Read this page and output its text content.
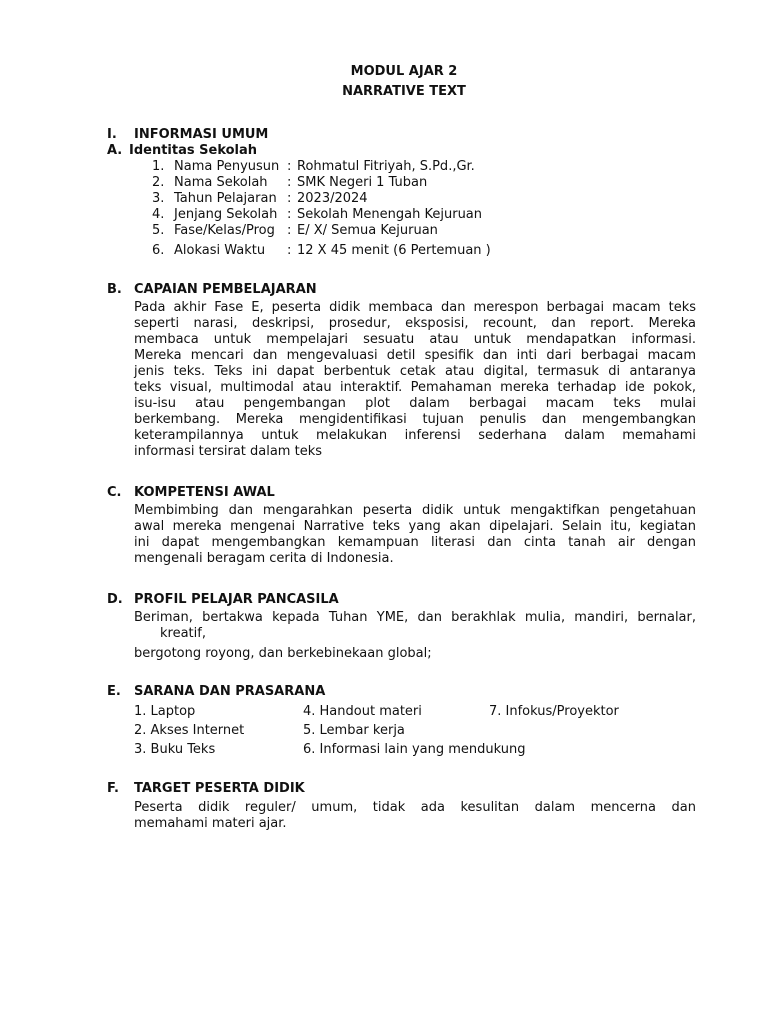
MODUL AJAR 2
NARRATIVE TEXT
I. INFORMASI UMUM
A. Identitas Sekolah
1. Nama Penyusun : Rohmatul Fitriyah, S.Pd.,Gr.
2. Nama Sekolah : SMK Negeri 1 Tuban
3. Tahun Pelajaran : 2023/2024
4. Jenjang Sekolah : Sekolah Menengah Kejuruan
5. Fase/Kelas/Prog : E/ X/ Semua Kejuruan
6. Alokasi Waktu : 12 X 45 menit (6 Pertemuan )
B. CAPAIAN PEMBELAJARAN
Pada akhir Fase E, peserta didik membaca dan merespon berbagai macam teks
seperti narasi, deskripsi, prosedur, eksposisi, recount, dan report. Mereka
membaca untuk mempelajari sesuatu atau untuk mendapatkan informasi.
Mereka mencari dan mengevaluasi detil spesifik dan inti dari berbagai macam
jenis teks. Teks ini dapat berbentuk cetak atau digital, termasuk di antaranya
teks visual, multimodal atau interaktif. Pemahaman mereka terhadap ide pokok,
isu-isu atau pengembangan plot dalam berbagai macam teks mulai
berkembang. Mereka mengidentifikasi tujuan penulis dan mengembangkan
keterampilannya untuk melakukan inferensi sederhana dalam memahami
informasi tersirat dalam teks
C. KOMPETENSI AWAL
Membimbing dan mengarahkan peserta didik untuk mengaktifkan pengetahuan
awal mereka mengenai Narrative teks yang akan dipelajari. Selain itu, kegiatan
ini dapat mengembangkan kemampuan literasi dan cinta tanah air dengan
mengenali beragam cerita di Indonesia.
D. PROFIL PELAJAR PANCASILA
Beriman, bertakwa kepada Tuhan YME, dan berakhlak mulia, mandiri, bernalar,
kreatif,
bergotong royong, dan berkebinekaan global;
E. SARANA DAN PRASARANA
1. Laptop
2. Akses Internet
3. Buku Teks
4. Handout materi
5. Lembar kerja
6. Informasi lain yang mendukung
7. Infokus/Proyektor
F. TARGET PESERTA DIDIK
Peserta didik reguler/ umum, tidak ada kesulitan dalam mencerna dan
memahami materi ajar.
